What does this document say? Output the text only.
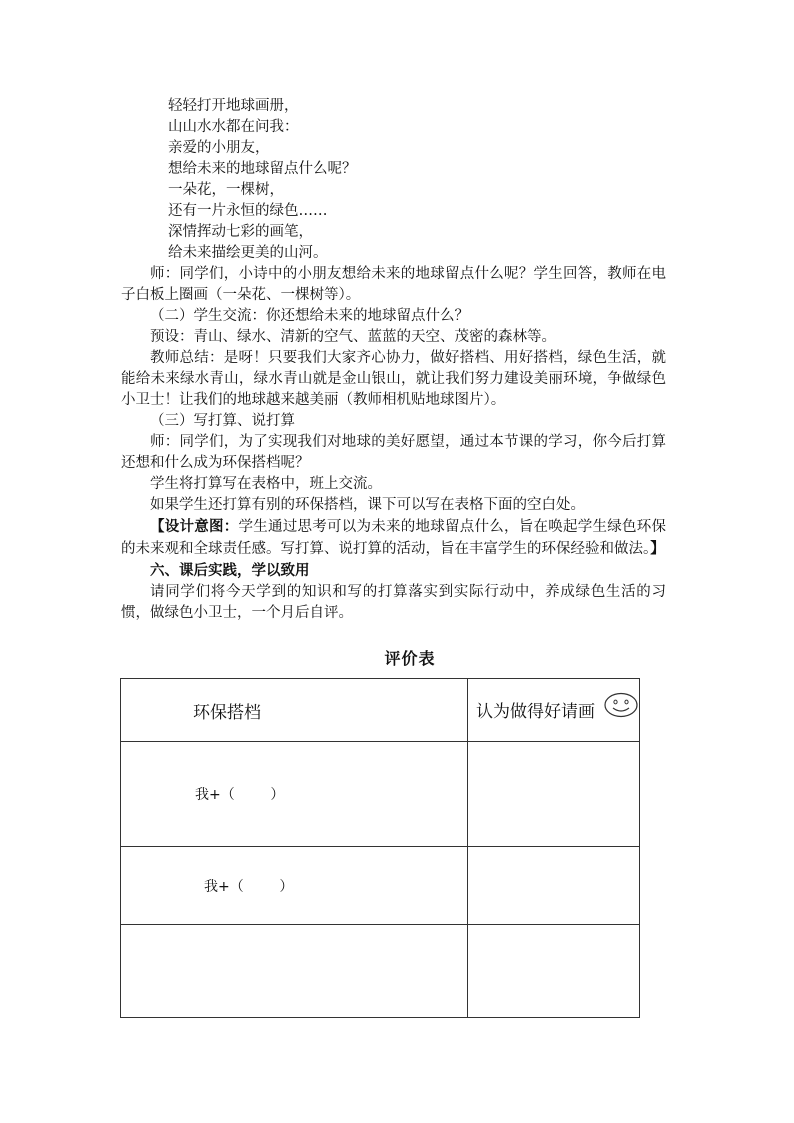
轻轻打开地球画册，
山山水水都在问我：
亲爱的小朋友，
想给未来的地球留点什么呢？
一朵花，一棵树，
还有一片永恒的绿色……
深情挥动七彩的画笔，
给未来描绘更美的山河。

师：同学们，小诗中的小朋友想给未来的地球留点什么呢？学生回答，教师在电子白板上圈画（一朵花、一棵树等）。

（二）学生交流：你还想给未来的地球留点什么？

预设：青山、绿水、清新的空气、蓝蓝的天空、茂密的森林等。

教师总结：是呀！只要我们大家齐心协力，做好搭档、用好搭档，绿色生活，就能给未来绿水青山，绿水青山就是金山银山，就让我们努力建设美丽环境，争做绿色小卫士！让我们的地球越来越美丽（教师相机贴地球图片）。

（三）写打算、说打算

师：同学们，为了实现我们对地球的美好愿望，通过本节课的学习，你今后打算还想和什么成为环保搭档呢？

学生将打算写在表格中，班上交流。

如果学生还打算有别的环保搭档，课下可以写在表格下面的空白处。

【设计意图：学生通过思考可以为未来的地球留点什么，旨在唤起学生绿色环保的未来观和全球责任感。写打算、说打算的活动，旨在丰富学生的环保经验和做法。】

六、课后实践，学以致用

请同学们将今天学到的知识和写的打算落实到实际行动中，养成绿色生活的习惯，做绿色小卫士，一个月后自评。

评价表
环保搭档	认为做得好请画
我+（        ）	
我+（        ）	
